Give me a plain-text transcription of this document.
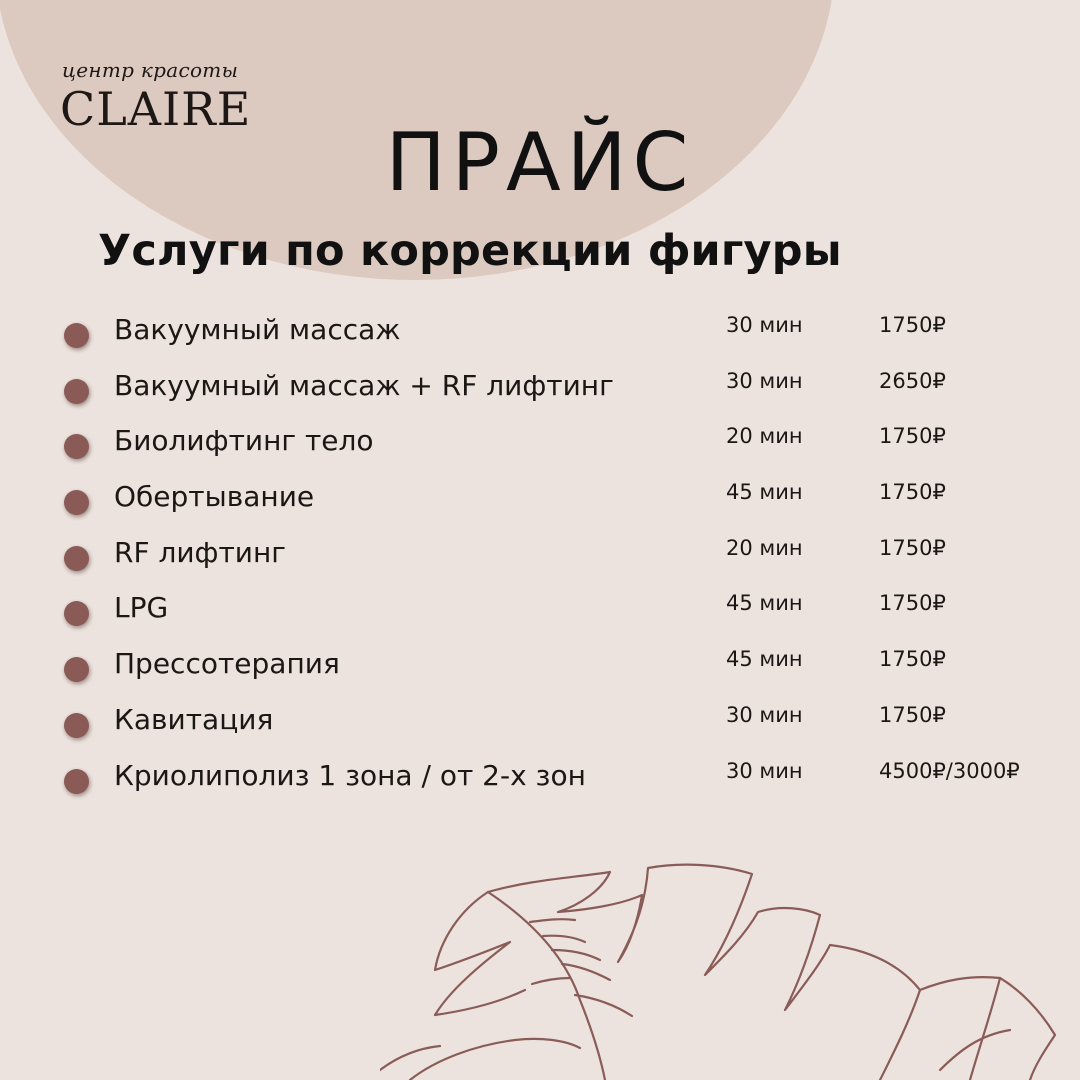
центр красоты
CLAIRE
ПРАЙС
Услуги по коррекции фигуры
Вакуумный массаж	30 мин	1750₽
Вакуумный массаж + RF лифтинг	30 мин	2650₽
Биолифтинг тело	20 мин	1750₽
Обертывание	45 мин	1750₽
RF лифтинг	20 мин	1750₽
LPG	45 мин	1750₽
Прессотерапия	45 мин	1750₽
Кавитация	30 мин	1750₽
Криолиполиз 1 зона / от 2-х зон	30 мин	4500₽/3000₽
